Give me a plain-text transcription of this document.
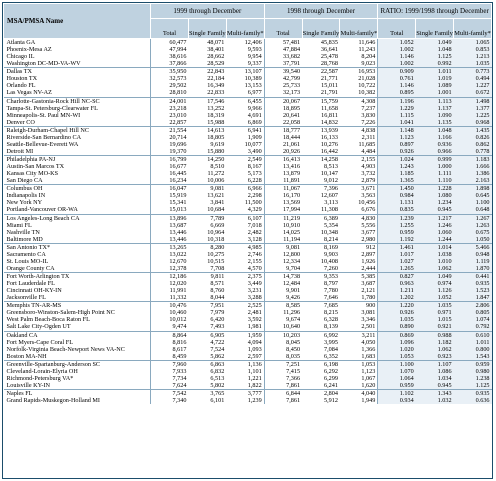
MSA/PMSA Name	1999 through December			1998 through December			RATIO: 1999/1998 through December		
	Total	Single Family	Multi-family*	Total	Single Family	Multi-family*	Total	Single Family	Multi-family*
Atlanta GA	60,477	48,071	12,406	57,481	45,835	11,646	1.052	1.049	1.065
Phoenix-Mesa AZ	47,994	38,401	9,593	47,884	36,641	11,243	1.002	1.048	0.853
Chicago IL	38,616	28,662	9,954	33,682	25,478	8,204	1.146	1.125	1.213
Washington DC-MD-VA-WV	37,866	28,529	9,337	37,791	28,768	9,023	1.002	0.992	1.035
Dallas TX	35,950	22,843	13,107	39,540	22,587	16,953	0.909	1.011	0.773
Houston TX	32,573	22,184	10,389	42,799	21,771	21,028	0.761	1.019	0.494
Orlando FL	29,502	16,349	13,153	25,733	15,011	10,722	1.146	1.089	1.227
Las Vegas NV-AZ	28,810	22,833	6,977	32,173	21,791	10,382	0.895	1.001	0.672
Charlotte-Gastonia-Rock Hill NC-SC	24,001	17,546	6,455	20,067	15,759	4,308	1.196	1.113	1.498
Tampa-St. Petersburg-Clearwater FL	23,218	13,252	9,966	18,895	11,658	7,237	1.229	1.137	1.377
Minneapolis-St. Paul MN-WI	23,010	18,319	4,691	20,641	16,811	3,830	1.115	1.090	1.225
Denver CO	22,857	15,988	6,869	22,058	14,832	7,226	1.041	1.135	0.968
Raleigh-Durham-Chapel Hill NC	21,554	14,613	6,941	18,777	13,939	4,838	1.148	1.048	1.435
Riverside-San Bernardino CA	20,714	18,805	1,909	18,444	16,133	2,311	1.123	1.166	0.826
Seattle-Bellevue-Everett WA	19,696	9,619	10,077	21,061	10,276	11,685	0.897	0.936	0.862
Detroit MI	19,370	15,880	3,490	20,926	16,442	4,484	0.926	0.966	0.778
Philadelphia PA-NJ	16,799	14,250	2,549	16,413	14,258	2,155	1.024	0.999	1.183
Austin-San Marcos TX	16,677	8,510	8,167	13,416	8,513	4,903	1.243	1.000	1.666
Kansas City MO-KS	16,445	11,272	5,173	13,879	10,147	3,732	1.185	1.111	1.386
San Diego CA	16,234	10,006	6,228	11,891	9,012	2,879	1.365	1.110	2.163
Columbus OH	16,047	9,081	6,966	11,067	7,396	3,671	1.450	1.228	1.898
Indianapolis IN	15,919	13,621	2,298	16,170	12,607	3,563	0.984	1.080	0.645
New York NY	15,341	3,841	11,500	13,569	3,113	10,456	1.131	1.234	1.100
Portland-Vancouver OR-WA	15,013	10,684	4,329	17,994	11,308	6,676	0.835	0.945	0.648
Los Angeles-Long Beach CA	13,896	7,789	6,107	11,219	6,389	4,830	1.239	1.217	1.267
Miami FL	13,687	6,669	7,018	10,910	5,354	5,556	1.255	1.246	1.263
Nashville TN	13,446	10,964	2,482	14,025	10,348	3,677	0.959	1.060	0.675
Baltimore MD	13,446	10,318	3,128	11,194	8,214	2,980	1.192	1.244	1.050
San Antonio TX*	13,265	8,280	4,985	9,081	8,169	912	1.461	1.014	5.466
Sacramento CA	13,022	10,275	2,746	12,800	9,903	2,897	1.017	1.038	0.948
St. Louis MO-IL	12,670	10,515	2,155	12,334	10,408	1,926	1.027	1.010	1.119
Orange County CA	12,378	7,708	4,570	9,704	7,260	2,444	1.265	1.062	1.870
Fort Worth-Arlington TX	12,186	9,811	2,375	14,738	9,353	5,385	0.827	1.049	0.441
Fort Lauderdale FL	12,020	8,571	3,449	12,484	8,797	3,687	0.963	0.974	0.935
Cincinnati OH-KY-IN	11,991	8,760	3,231	9,901	7,780	2,121	1.211	1.126	1.523
Jacksonville FL	11,332	8,044	3,288	9,426	7,646	1,780	1.202	1.052	1.847
Memphis TN-AR-MS	10,476	7,951	2,525	8,585	7,685	900	1.220	1.035	2.806
Greensboro-Winston-Salem-High Point NC	10,460	7,979	2,481	11,296	8,215	3,081	0.926	0.971	0.805
West Palm Beach-Boca Raton FL	10,012	6,420	3,592	9,674	6,328	3,346	1.035	1.015	1.074
Salt Lake City-Ogden UT	9,474	7,493	1,981	10,640	8,139	2,501	0.890	0.921	0.792
Oakland CA	8,864	6,905	1,959	10,203	6,992	3,211	0.869	0.988	0.610
Fort Myers-Cape Coral FL	8,816	4,722	4,094	8,045	3,995	4,050	1.096	1.182	1.011
Norfolk-Virginia Beach-Newport News VA-NC	8,617	7,524	1,093	8,450	7,084	1,366	1.020	1.062	0.800
Boston MA-NH	8,459	5,862	2,597	8,035	6,352	1,683	1.053	0.923	1.543
Greenville-Spartanburg-Anderson SC	7,960	6,863	1,136	7,251	6,198	1,053	1.100	1.107	0.959
Cleveland-Lorain-Elyria OH	7,933	6,832	1,101	7,415	6,292	1,123	1.070	1.086	0.980
Richmond-Petersburg VA*	7,734	6,513	1,221	7,366	6,299	1,067	1.064	1.034	1.238
Louisville KY-IN	7,624	5,802	1,822	7,861	6,241	1,620	0.959	0.945	1.125
Naples FL	7,542	3,765	3,777	6,844	2,804	4,040	1.102	1.343	0.935
Grand Rapids-Muskegon-Holland MI	7,340	6,101	1,239	7,861	5,912	1,949	0.934	1.032	0.636
